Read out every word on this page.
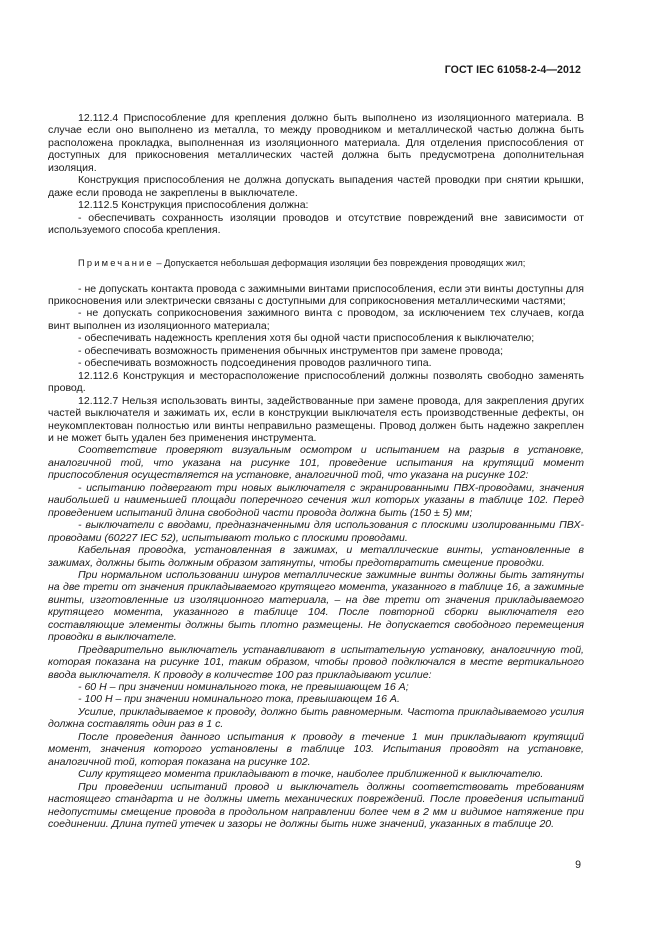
ГОСТ IEC 61058-2-4—2012

12.112.4 Приспособление для крепления должно быть выполнено из изоляционного материала. В случае если оно выполнено из металла, то между проводником и металлической частью должна быть расположена прокладка, выполненная из изоляционного материала. Для отделения приспособления от доступных для прикосновения металлических частей должна быть предусмотрена дополнительная изоляция.

Конструкция приспособления не должна допускать выпадения частей проводки при снятии крышки, даже если провода не закреплены в выключателе.

12.112.5 Конструкция приспособления должна:

- обеспечивать сохранность изоляции проводов и отсутствие повреждений вне зависимости от используемого способа крепления.

Примечание – Допускается небольшая деформация изоляции без повреждения проводящих жил;

- не допускать контакта провода с зажимными винтами приспособления, если эти винты доступны для прикосновения или электрически связаны с доступными для соприкосновения металлическими частями;

- не допускать соприкосновения зажимного винта с проводом, за исключением тех случаев, когда винт выполнен из изоляционного материала;

- обеспечивать надежность крепления хотя бы одной части приспособления к выключателю;

- обеспечивать возможность применения обычных инструментов при замене провода;

- обеспечивать возможность подсоединения проводов различного типа.

12.112.6 Конструкция и месторасположение приспособлений должны позволять свободно заменять провод.

12.112.7 Нельзя использовать винты, задействованные при замене провода, для закрепления других частей выключателя и зажимать их, если в конструкции выключателя есть производственные дефекты, он неукомплектован полностью или винты неправильно размещены. Провод должен быть надежно закреплен и не может быть удален без применения инструмента.

Соответствие проверяют визуальным осмотром и испытанием на разрыв в установке, аналогичной той, что указана на рисунке 101, проведение испытания на крутящий момент приспособления осуществляется на установке, аналогичной той, что указана на рисунке 102:

- испытанию подвергают три новых выключателя с экранированными ПВХ-проводами, значения наибольшей и наименьшей площади поперечного сечения жил которых указаны в таблице 102. Перед проведением испытаний длина свободной части провода должна быть (150 ± 5) мм;

- выключатели с вводами, предназначенными для использования с плоскими изолированными ПВХ-проводами (60227 IEC 52), испытывают только с плоскими проводами.

Кабельная проводка, установленная в зажимах, и металлические винты, установленные в зажимах, должны быть должным образом затянуты, чтобы предотвратить смещение проводки.

При нормальном использовании шнуров металлические зажимные винты должны быть затянуты на две трети от значения прикладываемого крутящего момента, указанного в таблице 16, а зажимные винты, изготовленные из изоляционного материала, – на две трети от значения прикладываемого крутящего момента, указанного в таблице 104. После повторной сборки выключателя его составляющие элементы должны быть плотно размещены. Не допускается свободного перемещения проводки в выключателе.

Предварительно выключатель устанавливают в испытательную установку, аналогичную той, которая показана на рисунке 101, таким образом, чтобы провод подключался в месте вертикального ввода выключателя. К проводу в количестве 100 раз прикладывают усилие:

- 60 Н – при значении номинального тока, не превышающем 16 А;

- 100 Н – при значении номинального тока, превышающем 16 А.

Усилие, прикладываемое к проводу, должно быть равномерным. Частота прикладываемого усилия должна составлять один раз в 1 с.

После проведения данного испытания к проводу в течение 1 мин прикладывают крутящий момент, значения которого установлены в таблице 103. Испытания проводят на установке, аналогичной той, которая показана на рисунке 102.

Силу крутящего момента прикладывают в точке, наиболее приближенной к выключателю.

При проведении испытаний провод и выключатель должны соответствовать требованиям настоящего стандарта и не должны иметь механических повреждений. После проведения испытаний недопустимы смещение провода в продольном направлении более чем в 2 мм и видимое натяжение при соединении. Длина путей утечек и зазоры не должны быть ниже значений, указанных в таблице 20.

9
